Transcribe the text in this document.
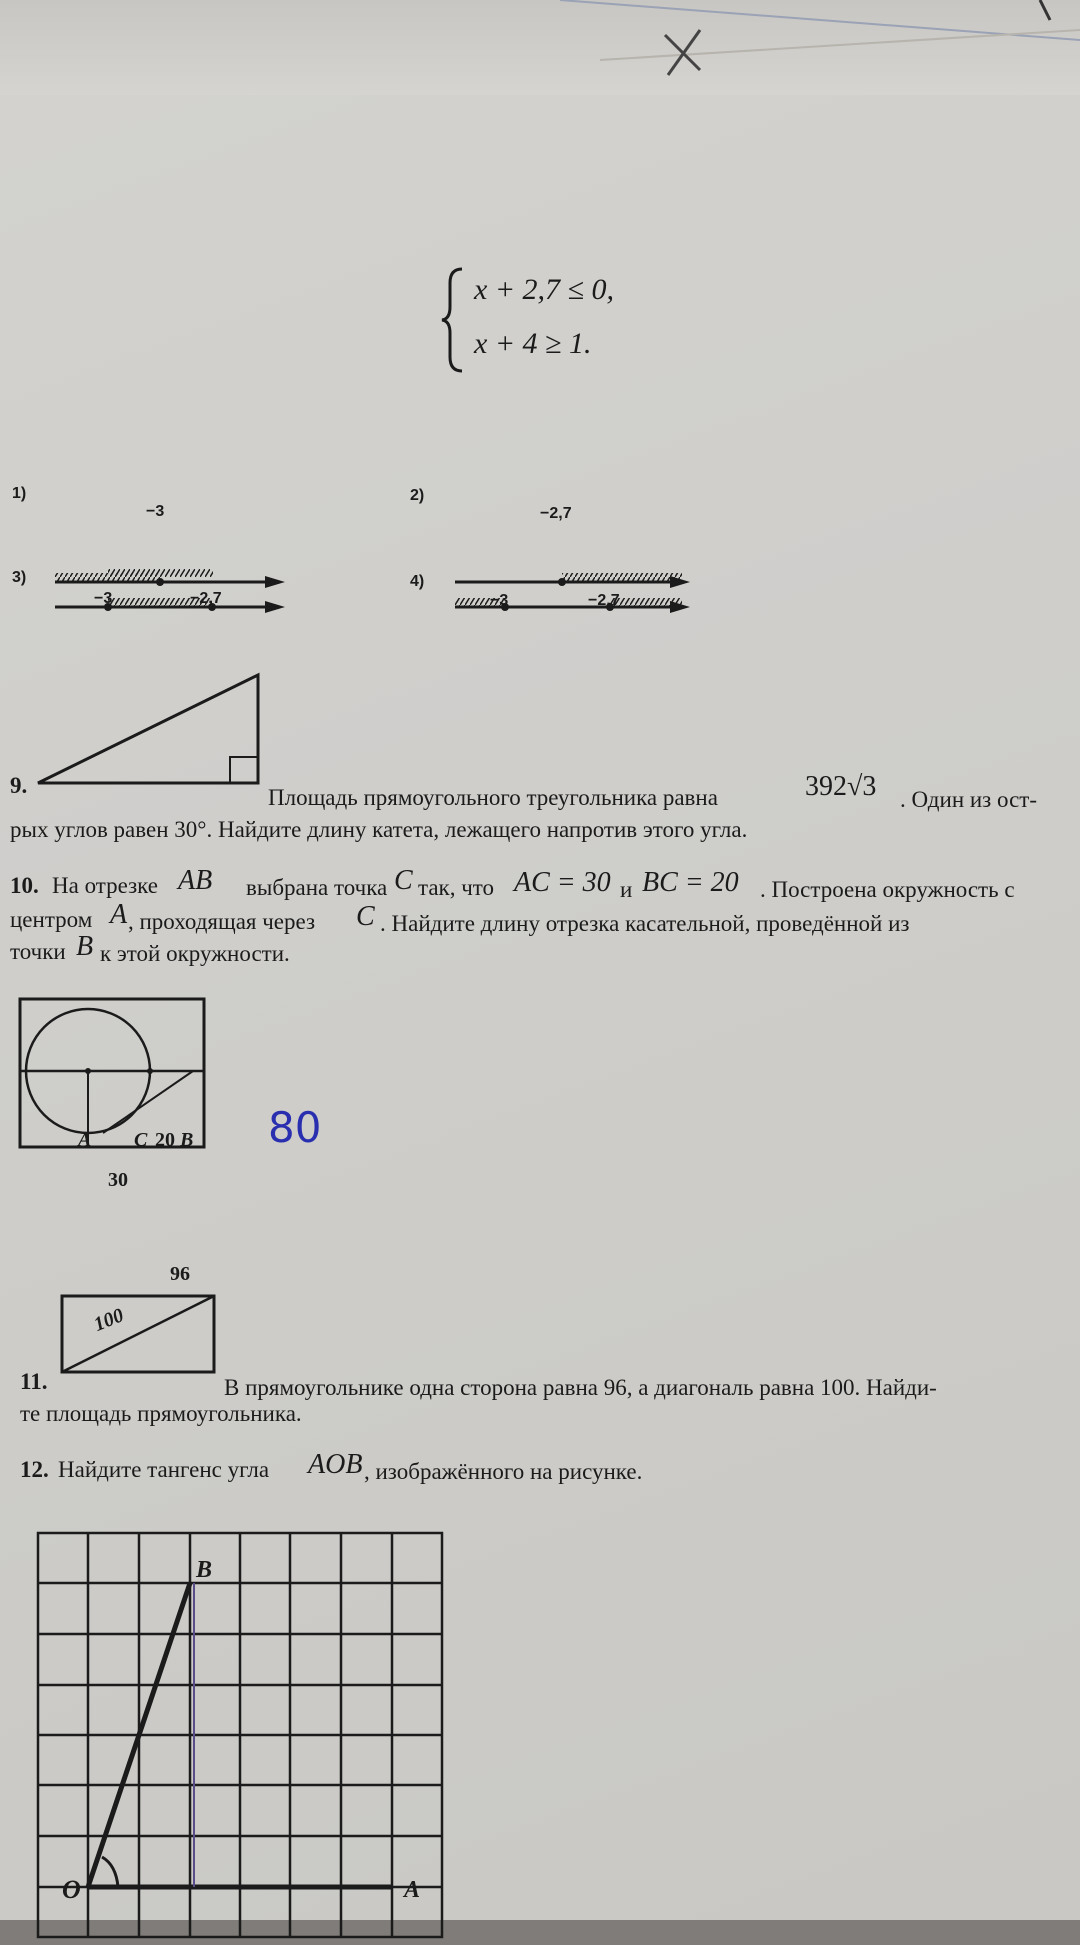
x + 2,7 ≤ 0,
x + 4 ≥ 1.
1)
−3
2)
−2,7
3)
−3	−2,7
4)
−3	−2,7
9.	Площадь прямоугольного треугольника равна	392√3 . Один из ост-
рых углов равен 30°. Найдите длину катета, лежащего напротив этого угла.
10. На отрезке AB выбрана точка C так, что AC = 30 и BC = 20 . Построена окружность с
центром A , проходящая через C . Найдите длину отрезка касательной, проведённой из
точки B к этой окружности.
A C 20 B
30
80
100
96
11.	В прямоугольнике одна сторона равна 96, а диагональ равна 100. Найди-
те площадь прямоугольника.
12. Найдите тангенс угла AOB , изображённого на рисунке.
B
O	A
